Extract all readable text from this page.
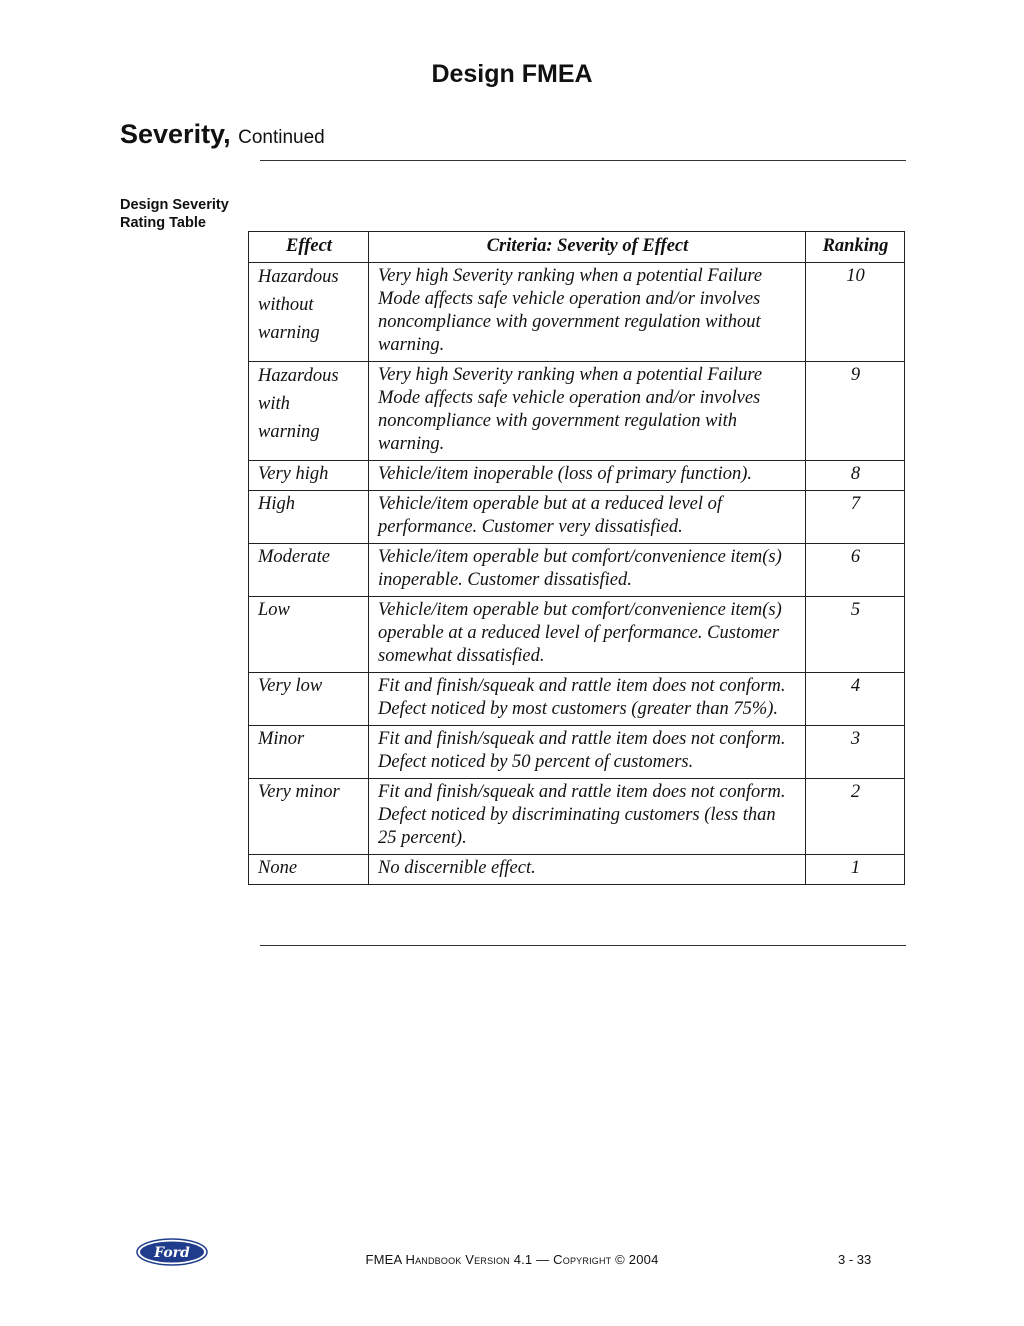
Design FMEA
Severity, Continued
Design Severity
Rating Table
Effect	Criteria: Severity of Effect	Ranking
Hazardous
without
warning	Very high Severity ranking when a potential Failure Mode affects safe vehicle operation and/or involves noncompliance with government regulation without warning.	10
Hazardous
with
warning	Very high Severity ranking when a potential Failure Mode affects safe vehicle operation and/or involves noncompliance with government regulation with warning.	9
Very high	Vehicle/item inoperable (loss of primary function).	8
High	Vehicle/item operable but at a reduced level of performance. Customer very dissatisfied.	7
Moderate	Vehicle/item operable but comfort/convenience item(s) inoperable. Customer dissatisfied.	6
Low	Vehicle/item operable but comfort/convenience item(s) operable at a reduced level of performance. Customer somewhat dissatisfied.	5
Very low	Fit and finish/squeak and rattle item does not conform. Defect noticed by most customers (greater than 75%).	4
Minor	Fit and finish/squeak and rattle item does not conform. Defect noticed by 50 percent of customers.	3
Very minor	Fit and finish/squeak and rattle item does not conform. Defect noticed by discriminating customers (less than 25 percent).	2
None	No discernible effect.	1
Ford	FMEA Handbook Version 4.1 — Copyright © 2004	3 - 33
